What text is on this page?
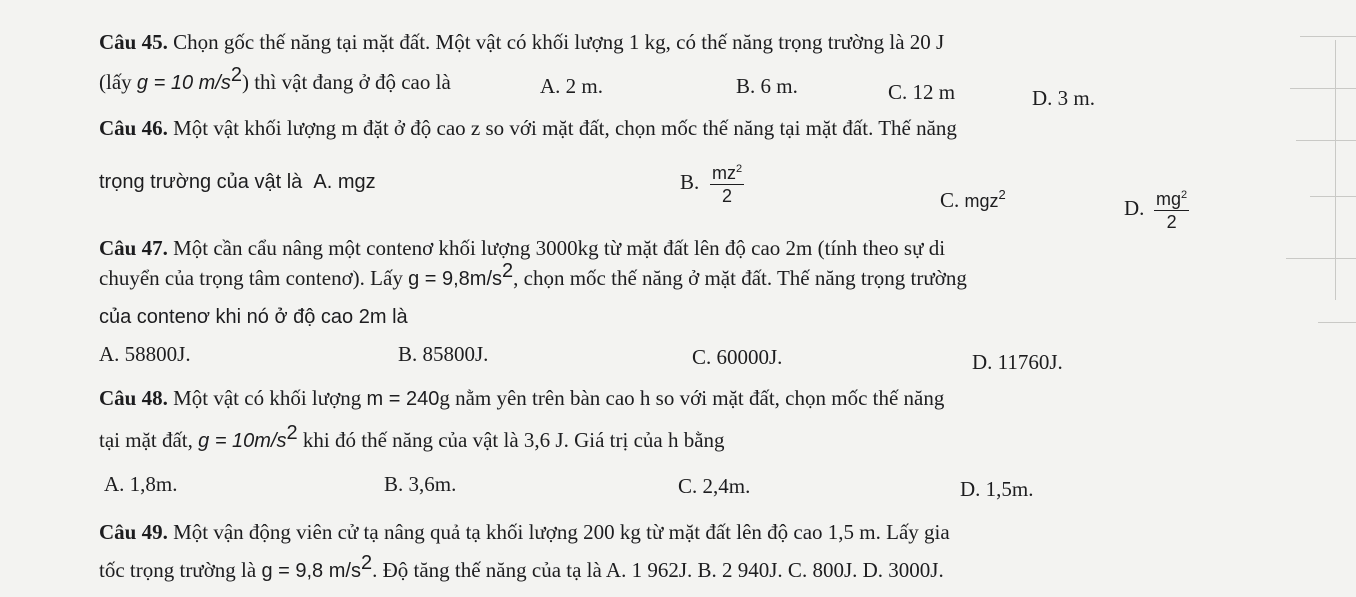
Câu 45. Chọn gốc thế năng tại mặt đất. Một vật có khối lượng 1 kg, có thế năng trọng trường là 20 J
(lấy g = 10 $m/s^2$) thì vật đang ở độ cao là	A. 2 m.	B. 6 m.	C. 12 m	D. 3 m.
Câu 46. Một vật khối lượng m đặt ở độ cao z so với mặt đất, chọn mốc thế năng tại mặt đất. Thế năng
trọng trường của vật là A. mgz	B. $\frac{mz^2}{2}$	C. mgz$^2$
D. $\frac{mg^2}{2}$
Câu 47. Một cần cẩu nâng một contenơ khối lượng 3000kg từ mặt đất lên độ cao 2m (tính theo sự di
chuyển của trọng tâm contenơ). Lấy $g = 9,8m/s^2$, chọn mốc thế năng ở mặt đất. Thế năng trọng trường
của contenơ khi nó ở độ cao 2m là
A. 58800J.	B. 85800J.	C. 60000J.	D. 11760J.
Câu 48. Một vật có khối lượng m = 240g nằm yên trên bàn cao h so với mặt đất, chọn mốc thế năng
tại mặt đất, $g = 10m/s^2$ khi đó thế năng của vật là 3,6 J. Giá trị của h bằng
A. 1,8m.	B. 3,6m.	C. 2,4m.	D. 1,5m.
Câu 49. Một vận động viên cử tạ nâng quả tạ khối lượng 200 kg từ mặt đất lên độ cao 1,5 m. Lấy gia
tốc trọng trường là g = 9,8 $m/s^2$. Độ tăng thế năng của tạ là A. 1 962J. B. 2 940J. C. 800J. D. 3000J.
